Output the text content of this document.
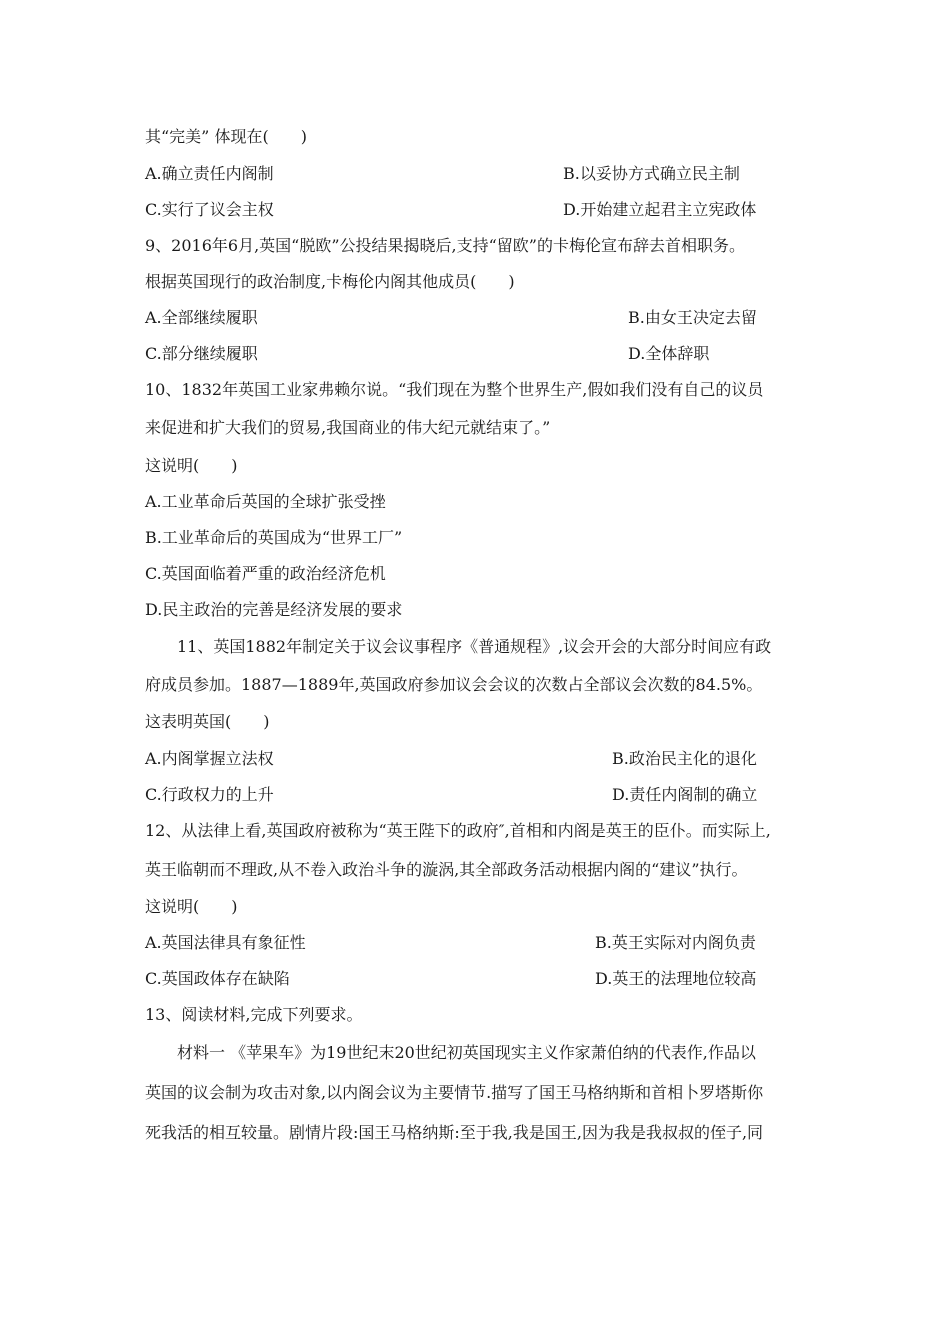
其“完美” 体现在(　　)
A.确立责任内阁制	B.以妥协方式确立民主制
C.实行了议会主权	D.开始建立起君主立宪政体
9、2016年6月,英国“脱欧”公投结果揭晓后,支持“留欧”的卡梅伦宣布辞去首相职务。
根据英国现行的政治制度,卡梅伦内阁其他成员(　　)
A.全部继续履职	B.由女王决定去留
C.部分继续履职	D.全体辞职
10、1832年英国工业家弗赖尔说。“我们现在为整个世界生产,假如我们没有自己的议员
来促进和扩大我们的贸易,我国商业的伟大纪元就结束了。”
这说明(　　)
A.工业革命后英国的全球扩张受挫
B.工业革命后的英国成为“世界工厂”
C.英国面临着严重的政治经济危机
D.民主政治的完善是经济发展的要求
11、英国1882年制定关于议会议事程序《普通规程》,议会开会的大部分时间应有政
府成员参加。1887—1889年,英国政府参加议会会议的次数占全部议会次数的84.5%。
这表明英国(　　)
A.内阁掌握立法权	B.政治民主化的退化
C.行政权力的上升	D.责任内阁制的确立
12、从法律上看,英国政府被称为“英王陛下的政府″,首相和内阁是英王的臣仆。而实际上,
英王临朝而不理政,从不卷入政治斗争的漩涡,其全部政务活动根据内阁的“建议”执行。
这说明(　　)
A.英国法律具有象征性	B.英王实际对内阁负责
C.英国政体存在缺陷	D.英王的法理地位较高
13、阅读材料,完成下列要求。
材料一 《苹果车》为19世纪末20世纪初英国现实主义作家萧伯纳的代表作,作品以
英国的议会制为攻击对象,以内阁会议为主要情节.描写了国王马格纳斯和首相卜罗塔斯你
死我活的相互较量。剧情片段:国王马格纳斯:至于我,我是国王,因为我是我叔叔的侄子,同
